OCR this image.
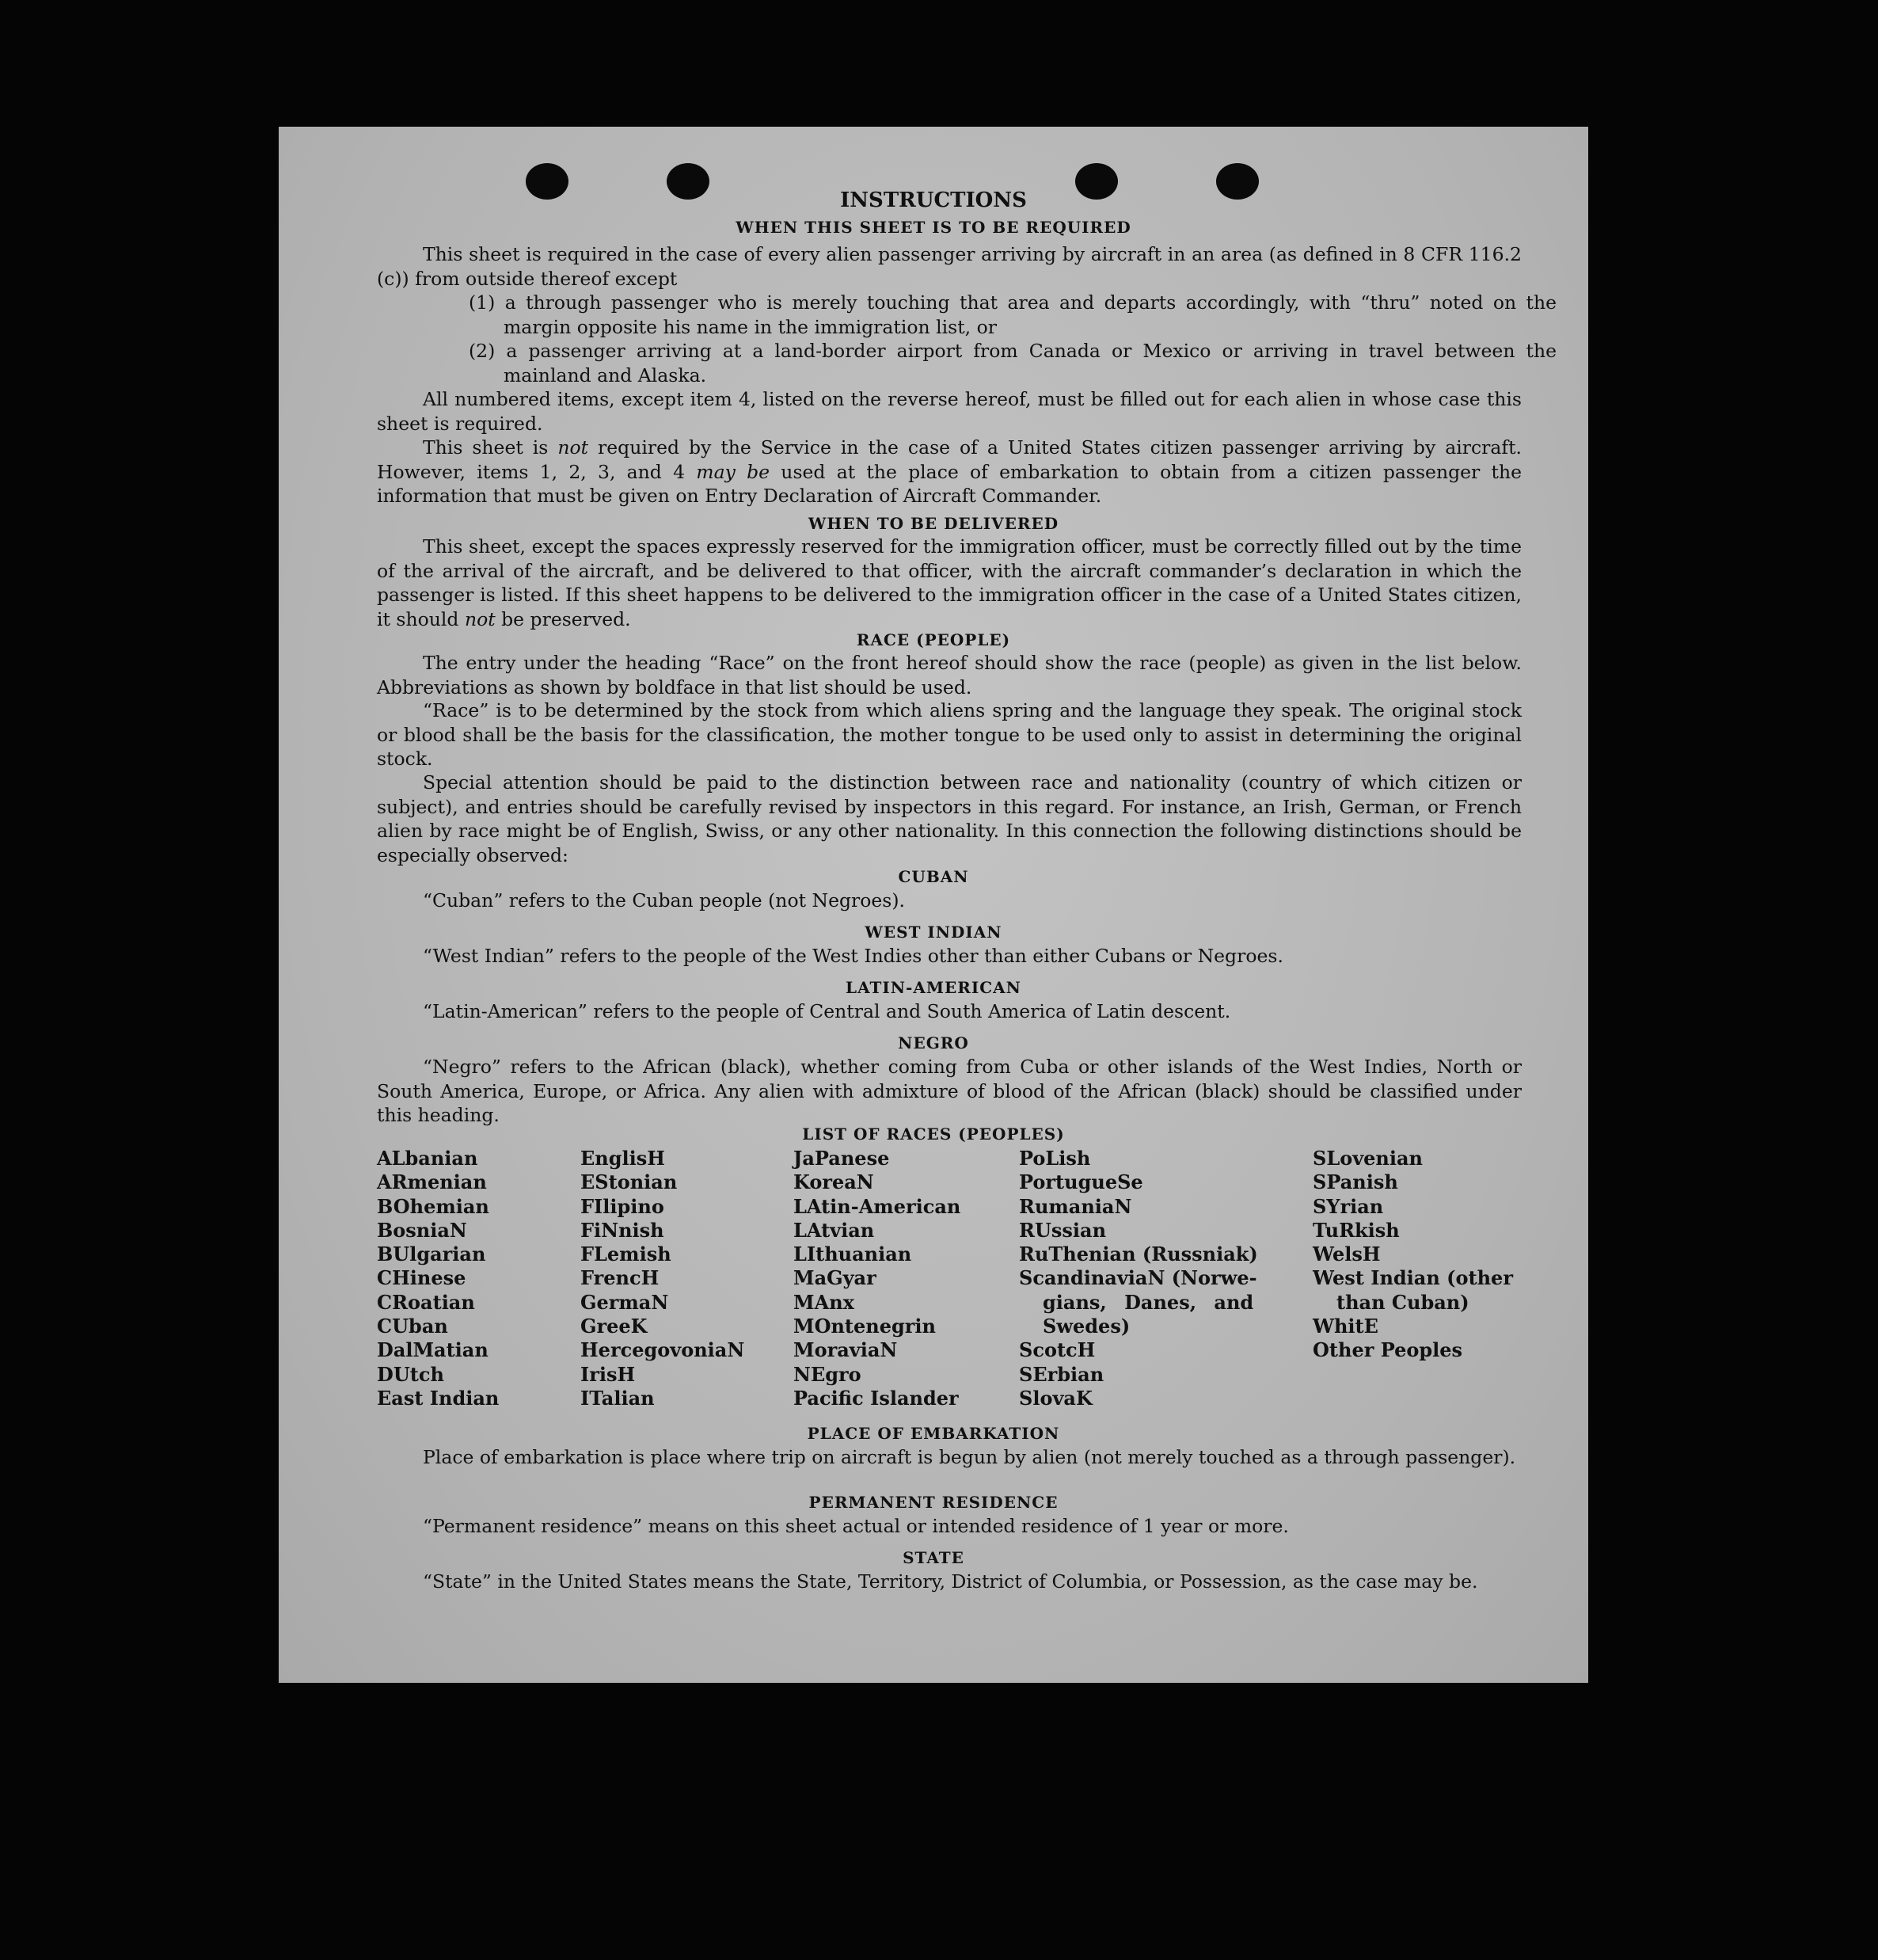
INSTRUCTIONS
WHEN THIS SHEET IS TO BE REQUIRED
This sheet is required in the case of every alien passenger arriving by aircraft in an area (as defined in 8 CFR 116.2 (c)) from outside thereof except
(1) a through passenger who is merely touching that area and departs accordingly, with “thru” noted on the margin opposite his name in the immigration list, or
(2) a passenger arriving at a land-border airport from Canada or Mexico or arriving in travel between the mainland and Alaska.
All numbered items, except item 4, listed on the reverse hereof, must be filled out for each alien in whose case this sheet is required.
This sheet is not required by the Service in the case of a United States citizen passenger arriving by aircraft. However, items 1, 2, 3, and 4 may be used at the place of embarkation to obtain from a citizen passenger the information that must be given on Entry Declaration of Aircraft Commander.
WHEN TO BE DELIVERED
This sheet, except the spaces expressly reserved for the immigration officer, must be correctly filled out by the time of the arrival of the aircraft, and be delivered to that officer, with the aircraft commander’s declaration in which the passenger is listed. If this sheet happens to be delivered to the immigration officer in the case of a United States citizen, it should not be preserved.
RACE (PEOPLE)
The entry under the heading “Race” on the front hereof should show the race (people) as given in the list below. Abbreviations as shown by boldface in that list should be used.
“Race” is to be determined by the stock from which aliens spring and the language they speak. The original stock or blood shall be the basis for the classification, the mother tongue to be used only to assist in determining the original stock.
Special attention should be paid to the distinction between race and nationality (country of which citizen or subject), and entries should be carefully revised by inspectors in this regard. For instance, an Irish, German, or French alien by race might be of English, Swiss, or any other nationality. In this connection the following distinctions should be especially observed:
CUBAN
“Cuban” refers to the Cuban people (not Negroes).
WEST INDIAN
“West Indian” refers to the people of the West Indies other than either Cubans or Negroes.
LATIN-AMERICAN
“Latin-American” refers to the people of Central and South America of Latin descent.
NEGRO
“Negro” refers to the African (black), whether coming from Cuba or other islands of the West Indies, North or South America, Europe, or Africa. Any alien with admixture of blood of the African (black) should be classified under this heading.
LIST OF RACES (PEOPLES)
ALbanian
ARmenian
BOhemian
BosniaN
BUlgarian
CHinese
CRoatian
CUban
DalMatian
DUtch
East Indian
EnglisH
EStonian
FIlipino
FiNnish
FLemish
FrencH
GermaN
GreeK
HercegovoniaN
IrisH
ITalian
JaPanese
KoreaN
LAtin-American
LAtvian
LIthuanian
MaGyar
MAnx
MOntenegrin
MoraviaN
NEgro
Pacific Islander
PoLish
PortugueSe
RumaniaN
RUssian
RuThenian (Russniak)
ScandinaviaN (Norwe-
gians, Danes, and
Swedes)
ScotcH
SErbian
SlovaK
SLovenian
SPanish
SYrian
TuRkish
WelsH
West Indian (other
than Cuban)
WhitE
Other Peoples
PLACE OF EMBARKATION
Place of embarkation is place where trip on aircraft is begun by alien (not merely touched as a through passenger).
PERMANENT RESIDENCE
“Permanent residence” means on this sheet actual or intended residence of 1 year or more.
STATE
“State” in the United States means the State, Territory, District of Columbia, or Possession, as the case may be.
